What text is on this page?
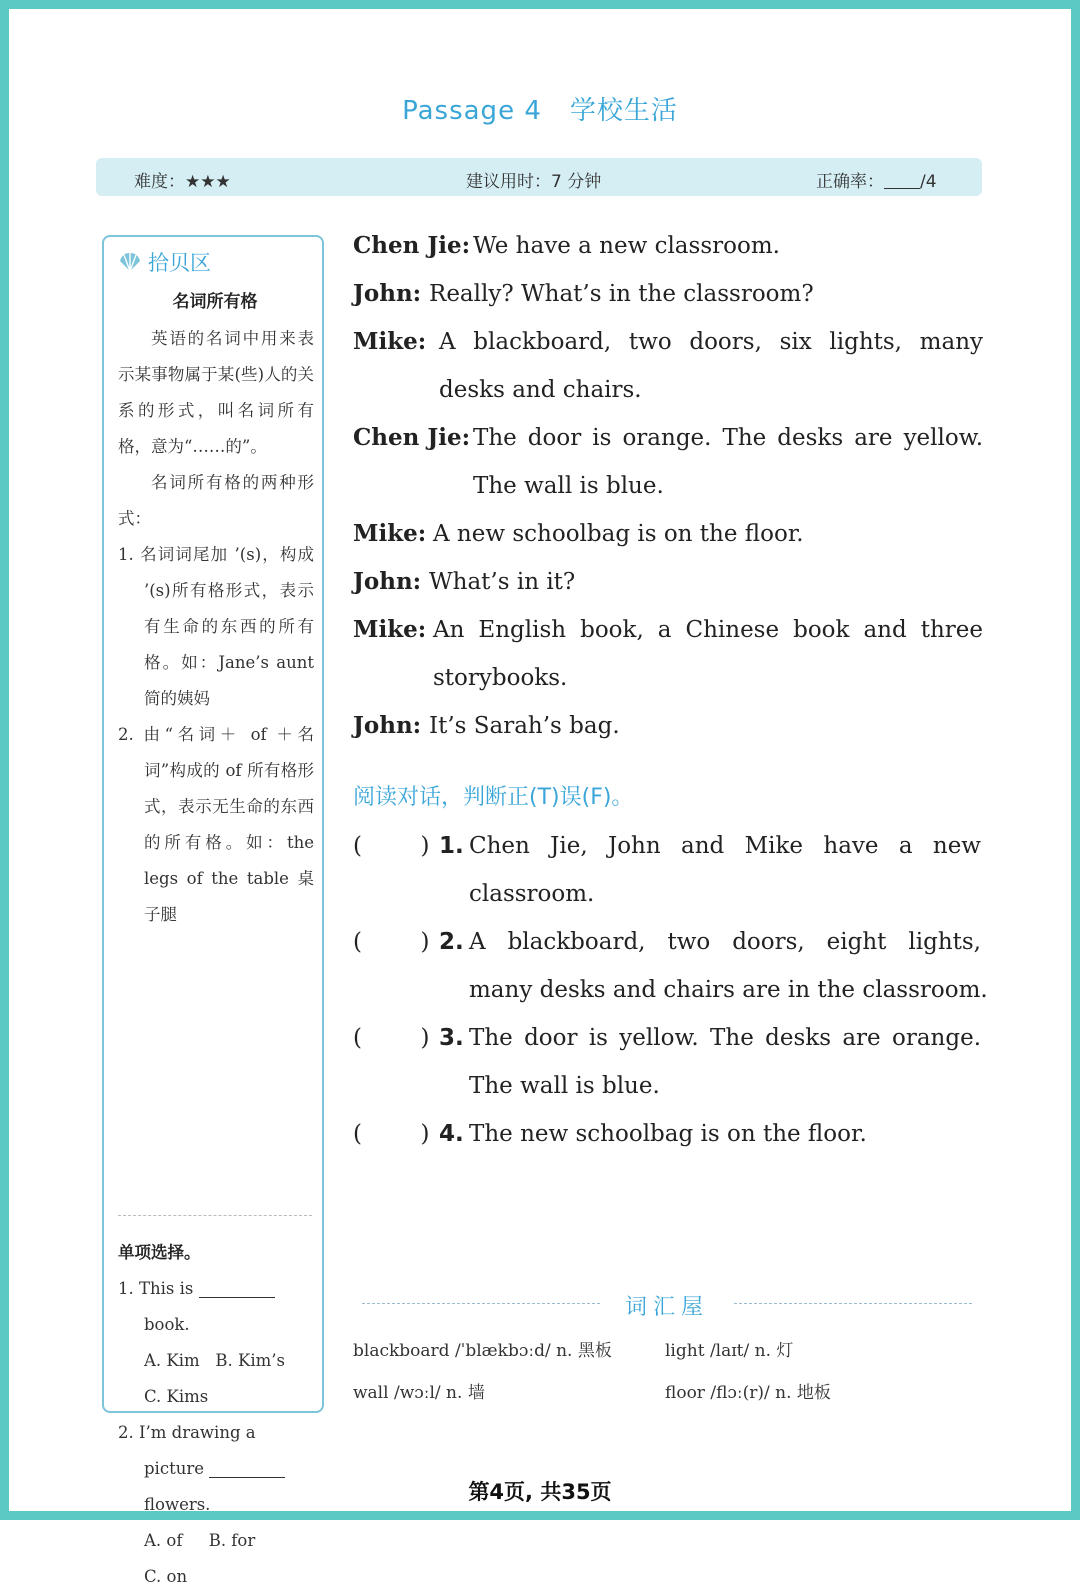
Passage 4 学校生活
难度：★★★	建议用时：7 分钟	正确率： /4
拾贝区
名词所有格

英语的名词中用来表示某事物属于某(些)人的关系的形式，叫名词所有格，意为“……的”。

名词所有格的两种形式：

1. 名词词尾加 ’(s)，构成 ’(s)所有格形式，表示有生命的东西的所有格。如：Jane’s aunt 简的姨妈

2. 由“名词＋ of ＋名词”构成的 of 所有格形式，表示无生命的东西的所有格。如：the legs of the table 桌子腿

单项选择。

1. This is  book.

A. Kim B. Kim’s

C. Kims

2. I’m drawing a picture  flowers.

A. of B. for

C. on

Chen Jie: We have a new classroom.
John: Really? What’s in the classroom?
Mike: A blackboard, two doors, six lights, many
desks and chairs.
Chen Jie: The door is orange. The desks are yellow.
The wall is blue.
Mike: A new schoolbag is on the floor.
John: What’s in it?
Mike: An English book, a Chinese book and three
storybooks.
John: It’s Sarah’s bag.
阅读对话，判断正(T)误(F)。
(        ) 1. Chen Jie, John and Mike have a new
classroom.
(        ) 2. A blackboard, two doors, eight lights,
many desks and chairs are in the classroom.
(        ) 3. The door is yellow. The desks are orange.
The wall is blue.
(        ) 4. The new schoolbag is on the floor.
词汇屋
blackboard /ˈblækbɔːd/ n. 黑板	light /laɪt/ n. 灯
wall /wɔːl/ n. 墙	floor /flɔː(r)/ n. 地板
第4页, 共35页
